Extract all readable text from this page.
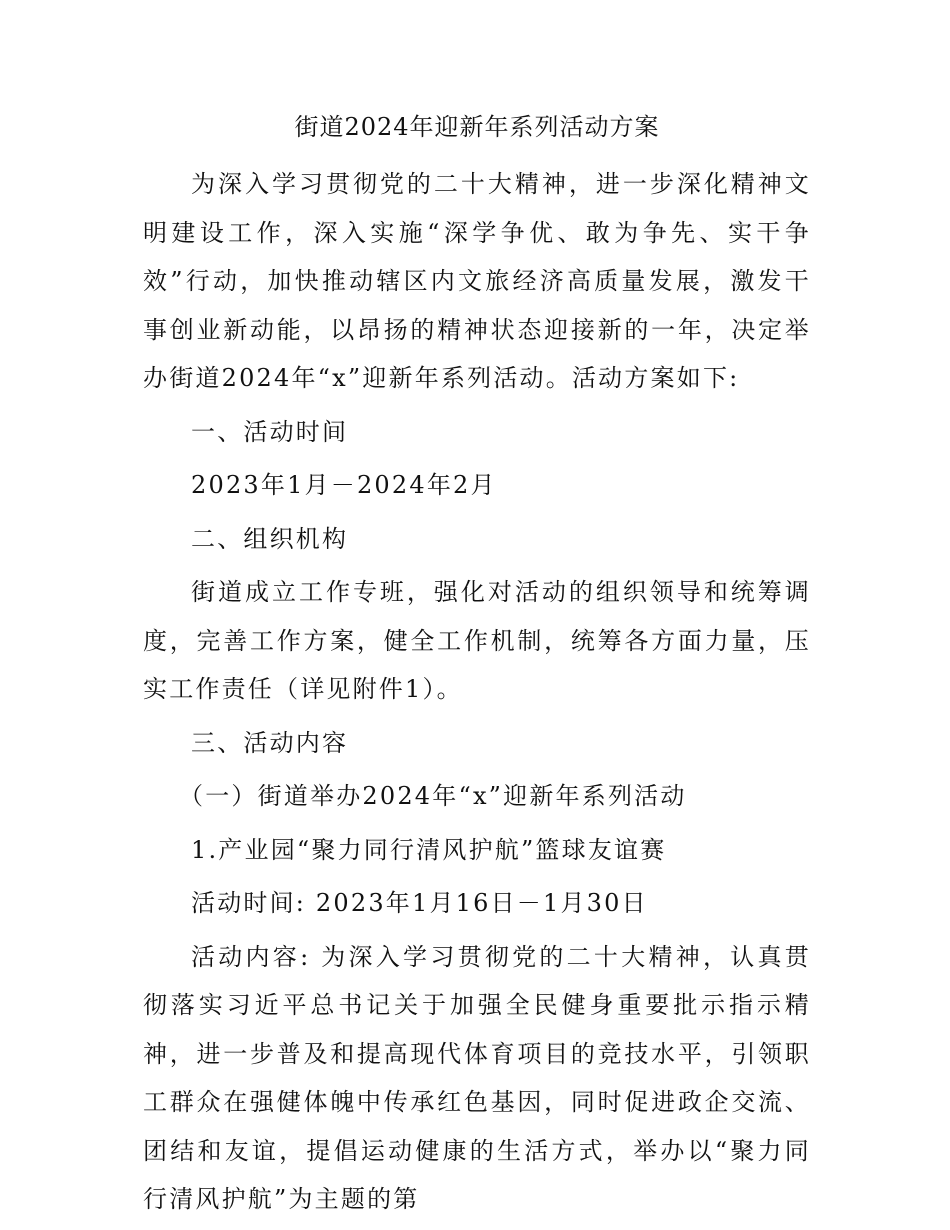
街道2024年迎新年系列活动方案

为深入学习贯彻党的二十大精神，进一步深化精神文明建设工作，深入实施“深学争优、敢为争先、实干争效”行动，加快推动辖区内文旅经济高质量发展，激发干事创业新动能，以昂扬的精神状态迎接新的一年，决定举办街道2024年“x”迎新年系列活动。活动方案如下:

一、活动时间

2023年1月－2024年2月

二、组织机构

街道成立工作专班，强化对活动的组织领导和统筹调度，完善工作方案，健全工作机制，统筹各方面力量，压实工作责任（详见附件1）。

三、活动内容

（一）街道举办2024年“x”迎新年系列活动

1.产业园“聚力同行清风护航”篮球友谊赛

活动时间: 2023年1月16日－1月30日

活动内容: 为深入学习贯彻党的二十大精神，认真贯彻落实习近平总书记关于加强全民健身重要批示指示精神，进一步普及和提高现代体育项目的竞技水平，引领职工群众在强健体魄中传承红色基因，同时促进政企交流、团结和友谊，提倡运动健康的生活方式，举办以“聚力同行清风护航”为主题的第
